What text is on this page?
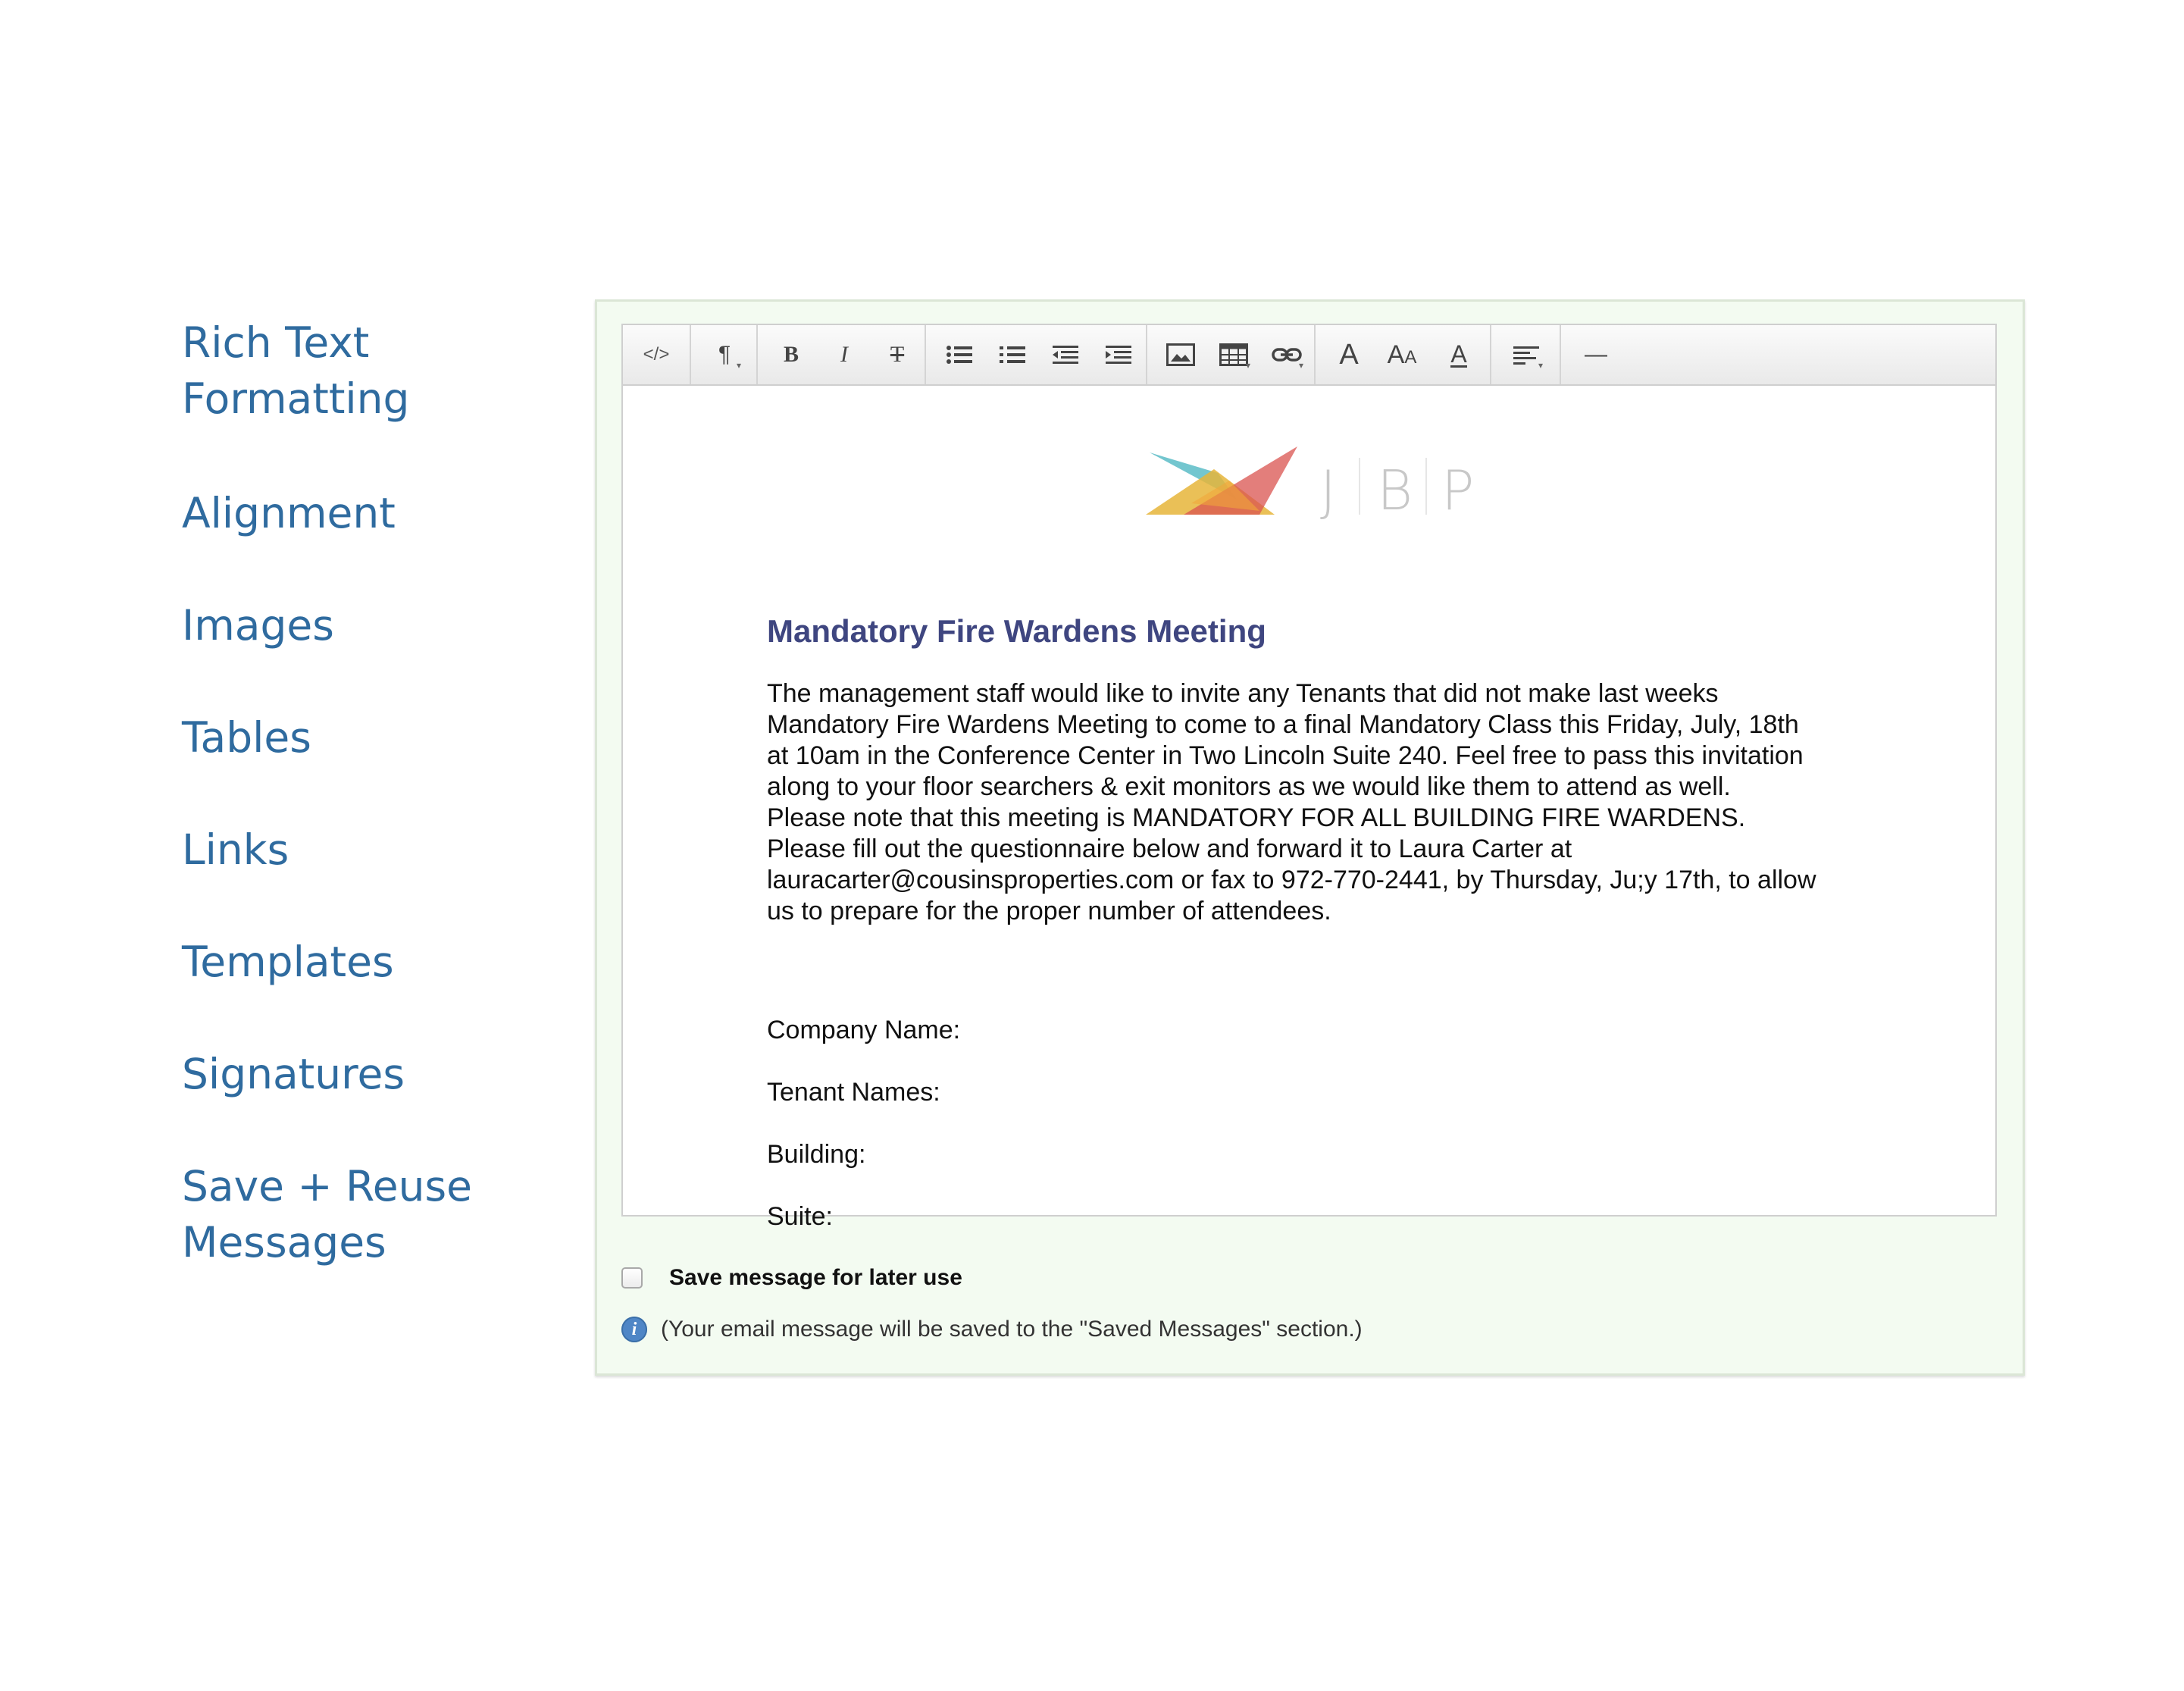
Rich Text
Formatting

Alignment

Images

Tables

Links

Templates

Signatures

Save + Reuse
Messages

</> ¶ ▾ B I T	▾	▾ A AA A	▾ —
J B P
Mandatory Fire Wardens Meeting

The management staff would like to invite any Tenants that did not make last weeks
Mandatory Fire Wardens Meeting to come to a final Mandatory Class this Friday, July, 18th
at 10am in the Conference Center in Two Lincoln Suite 240. Feel free to pass this invitation
along to your floor searchers & exit monitors as we would like them to attend as well.
Please note that this meeting is MANDATORY FOR ALL BUILDING FIRE WARDENS.
Please fill out the questionnaire below and forward it to Laura Carter at
lauracarter@cousinsproperties.com or fax to 972-770-2441, by Thursday, Ju;y 17th, to allow
us to prepare for the proper number of attendees.

Company Name:

Tenant Names:

Building:

Suite:

Save message for later use
i	(Your email message will be saved to the "Saved Messages" section.)
